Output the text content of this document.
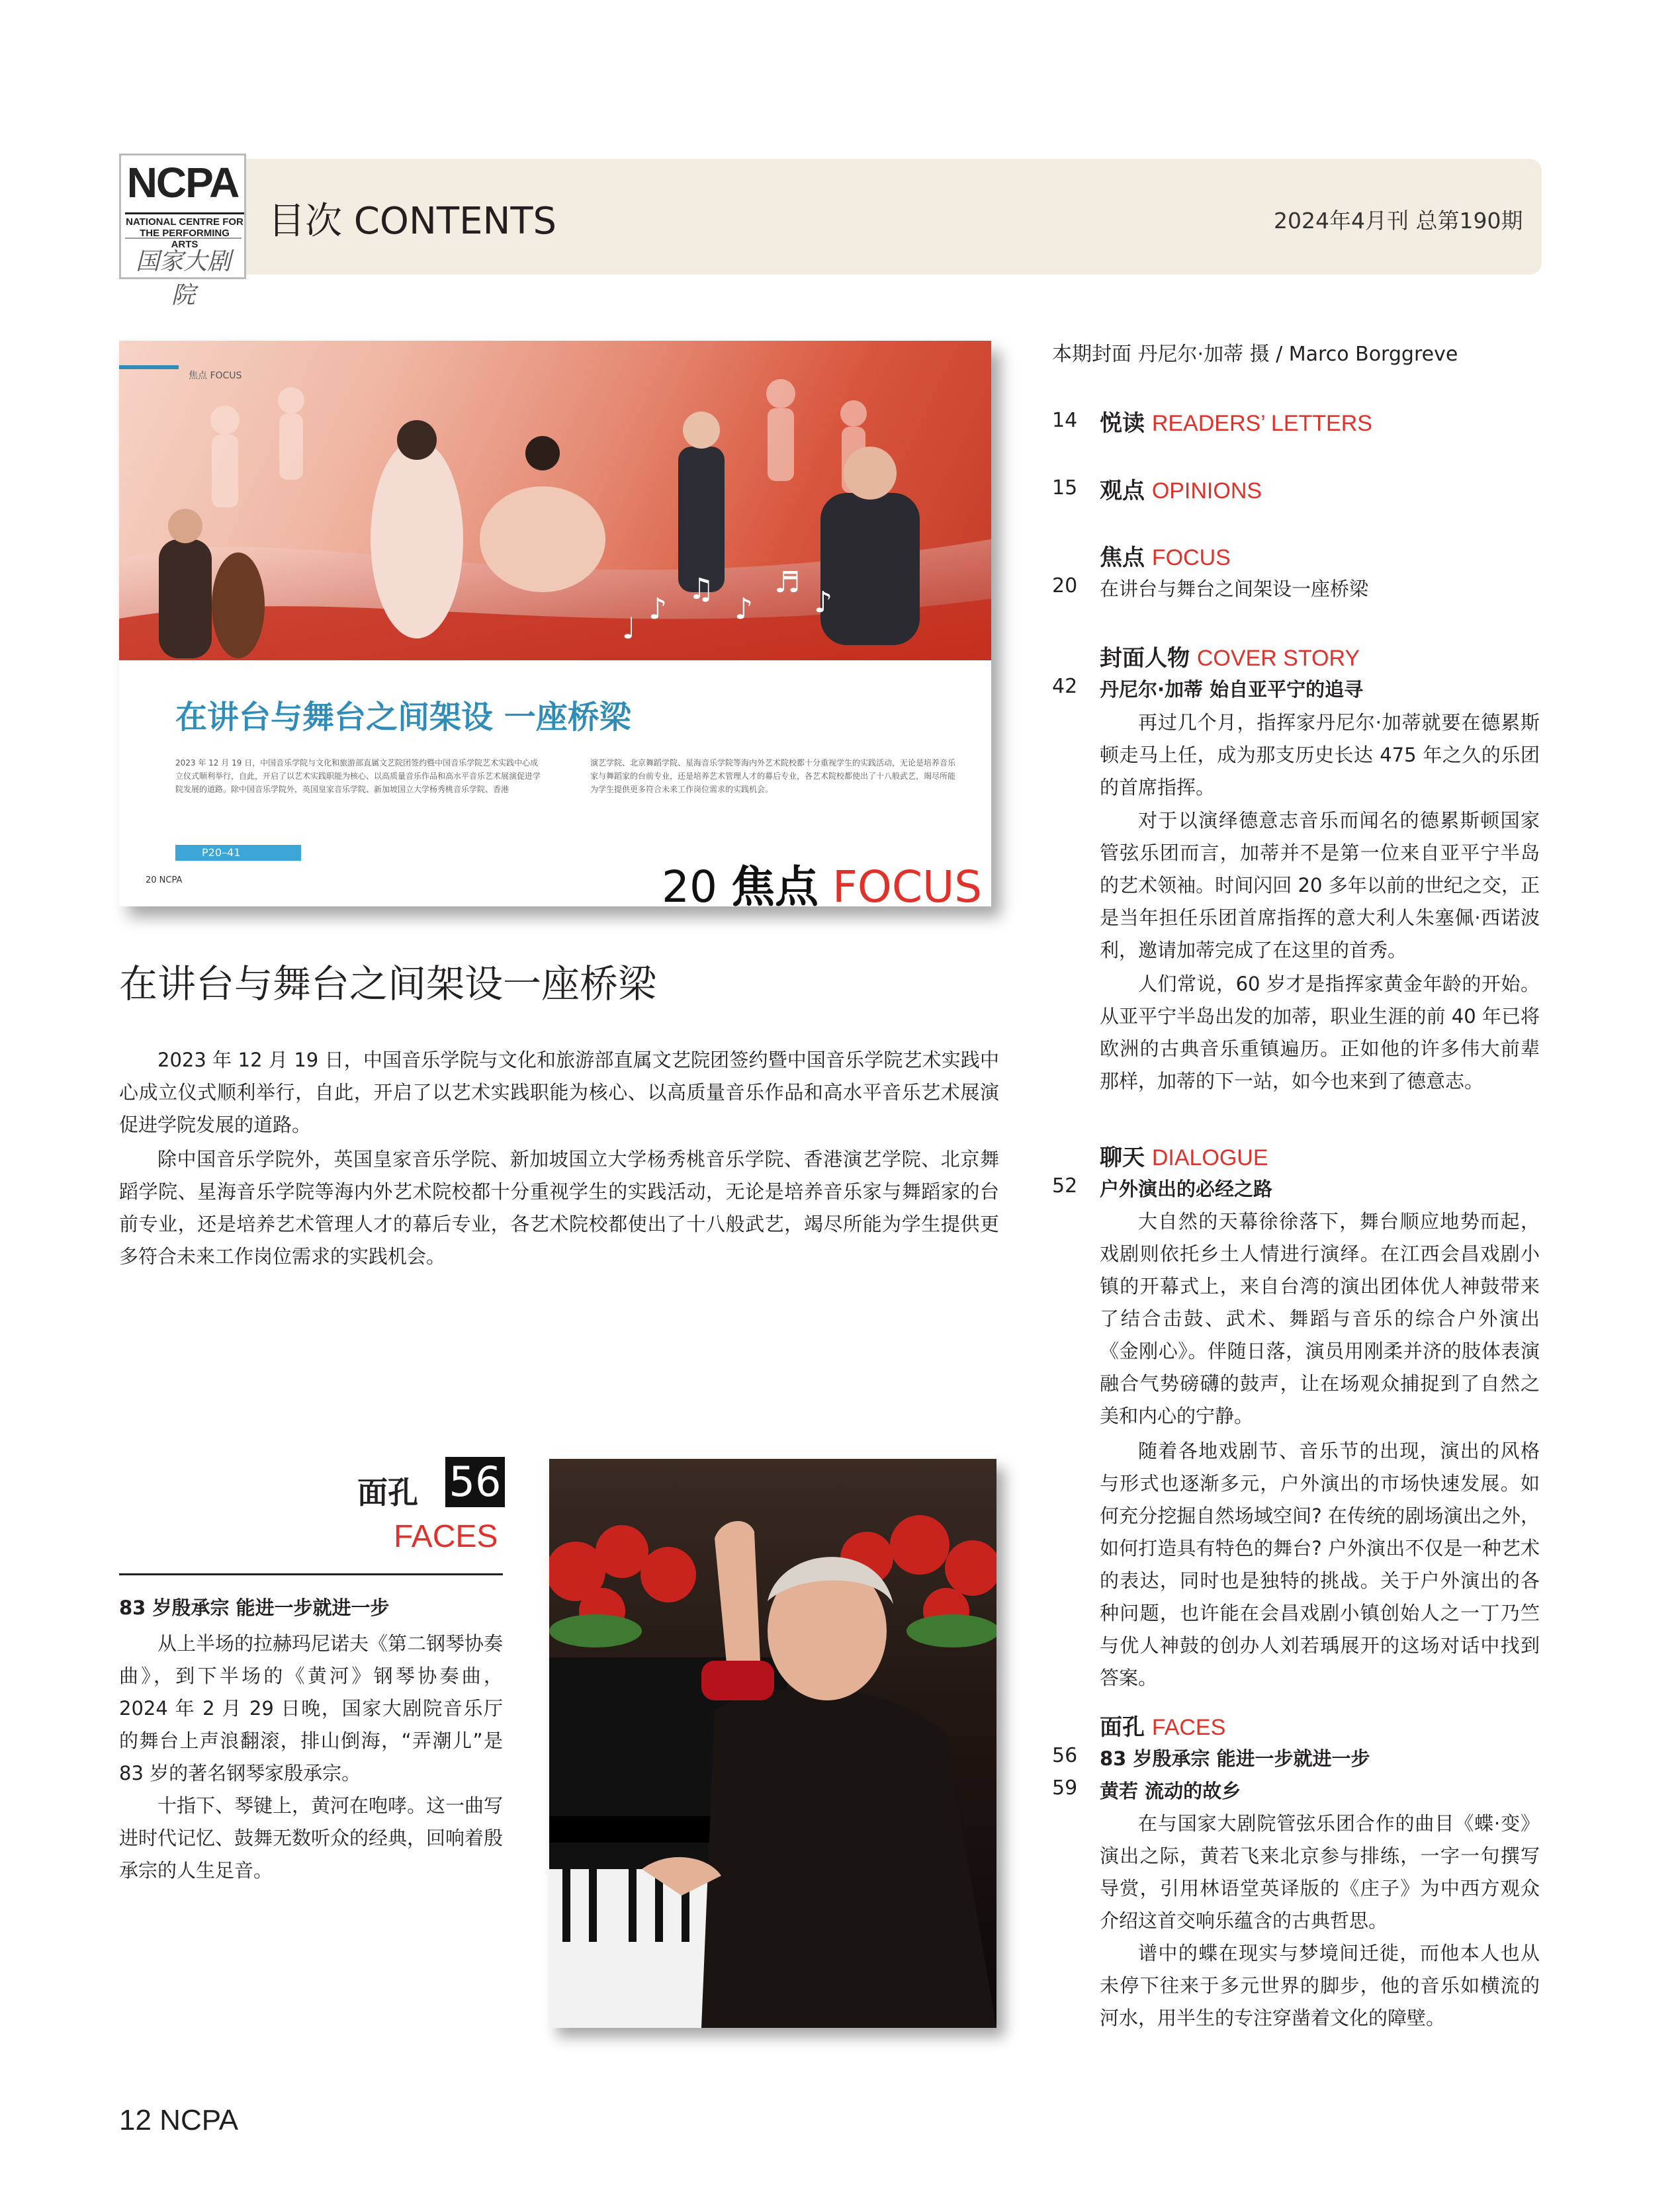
NCPA
NATIONAL CENTRE FOR THE PERFORMING ARTS
国家大剧院
目次 CONTENTS	2024年4月刊 总第190期
♪
♫
♪
♬
♪
♩
焦点 FOCUS
在讲台与舞台之间架设 一座桥梁
2023 年 12 月 19 日，中国音乐学院与文化和旅游部直属文艺院团签约暨中国音乐学院艺术实践中心成立仪式顺利举行，自此，开启了以艺术实践职能为核心、以高质量音乐作品和高水平音乐艺术展演促进学院发展的道路。除中国音乐学院外，英国皇家音乐学院、新加坡国立大学杨秀桃音乐学院、香港
演艺学院、北京舞蹈学院、星海音乐学院等海内外艺术院校都十分重视学生的实践活动，无论是培养音乐家与舞蹈家的台前专业，还是培养艺术管理人才的幕后专业，各艺术院校都使出了十八般武艺，竭尽所能为学生提供更多符合未来工作岗位需求的实践机会。
P20–41
20 NCPA	20 焦点 FOCUS
在讲台与舞台之间架设一座桥梁
2023 年 12 月 19 日，中国音乐学院与文化和旅游部直属文艺院团签约暨中国音乐学院艺术实践中心成立仪式顺利举行，自此，开启了以艺术实践职能为核心、以高质量音乐作品和高水平音乐艺术展演促进学院发展的道路。
除中国音乐学院外，英国皇家音乐学院、新加坡国立大学杨秀桃音乐学院、香港演艺学院、北京舞蹈学院、星海音乐学院等海内外艺术院校都十分重视学生的实践活动，无论是培养音乐家与舞蹈家的台前专业，还是培养艺术管理人才的幕后专业，各艺术院校都使出了十八般武艺，竭尽所能为学生提供更多符合未来工作岗位需求的实践机会。
面孔 56
FACES
83 岁殷承宗 能进一步就进一步
从上半场的拉赫玛尼诺夫《第二钢琴协奏曲》，到下半场的《黄河》钢琴协奏曲，2024 年 2 月 29 日晚，国家大剧院音乐厅的舞台上声浪翻滚，排山倒海，“弄潮儿”是 83 岁的著名钢琴家殷承宗。
十指下、琴键上，黄河在咆哮。这一曲写进时代记忆、鼓舞无数听众的经典，回响着殷承宗的人生足音。
本期封面 丹尼尔·加蒂 摄 / Marco Borggreve
14 悦读 READERS’ LETTERS
15 观点 OPINIONS
焦点 FOCUS
20 在讲台与舞台之间架设一座桥梁
封面人物 COVER STORY
42 丹尼尔·加蒂 始自亚平宁的追寻
再过几个月，指挥家丹尼尔·加蒂就要在德累斯顿走马上任，成为那支历史长达 475 年之久的乐团的首席指挥。
对于以演绎德意志音乐而闻名的德累斯顿国家管弦乐团而言，加蒂并不是第一位来自亚平宁半岛的艺术领袖。时间闪回 20 多年以前的世纪之交，正是当年担任乐团首席指挥的意大利人朱塞佩·西诺波利，邀请加蒂完成了在这里的首秀。
人们常说，60 岁才是指挥家黄金年龄的开始。从亚平宁半岛出发的加蒂，职业生涯的前 40 年已将欧洲的古典音乐重镇遍历。正如他的许多伟大前辈那样，加蒂的下一站，如今也来到了德意志。
聊天 DIALOGUE
52 户外演出的必经之路
大自然的天幕徐徐落下，舞台顺应地势而起，戏剧则依托乡土人情进行演绎。在江西会昌戏剧小镇的开幕式上，来自台湾的演出团体优人神鼓带来了结合击鼓、武术、舞蹈与音乐的综合户外演出《金刚心》。伴随日落，演员用刚柔并济的肢体表演融合气势磅礴的鼓声，让在场观众捕捉到了自然之美和内心的宁静。
随着各地戏剧节、音乐节的出现，演出的风格与形式也逐渐多元，户外演出的市场快速发展。如何充分挖掘自然场域空间? 在传统的剧场演出之外，如何打造具有特色的舞台? 户外演出不仅是一种艺术的表达，同时也是独特的挑战。关于户外演出的各种问题，也许能在会昌戏剧小镇创始人之一丁乃竺与优人神鼓的创办人刘若瑀展开的这场对话中找到答案。
面孔 FACES
56 83 岁殷承宗 能进一步就进一步
59 黄若 流动的故乡
在与国家大剧院管弦乐团合作的曲目《蝶·变》演出之际，黄若飞来北京参与排练，一字一句撰写导赏，引用林语堂英译版的《庄子》为中西方观众介绍这首交响乐蕴含的古典哲思。
谱中的蝶在现实与梦境间迁徙，而他本人也从未停下往来于多元世界的脚步，他的音乐如横流的河水，用半生的专注穿凿着文化的障壁。
12 NCPA
